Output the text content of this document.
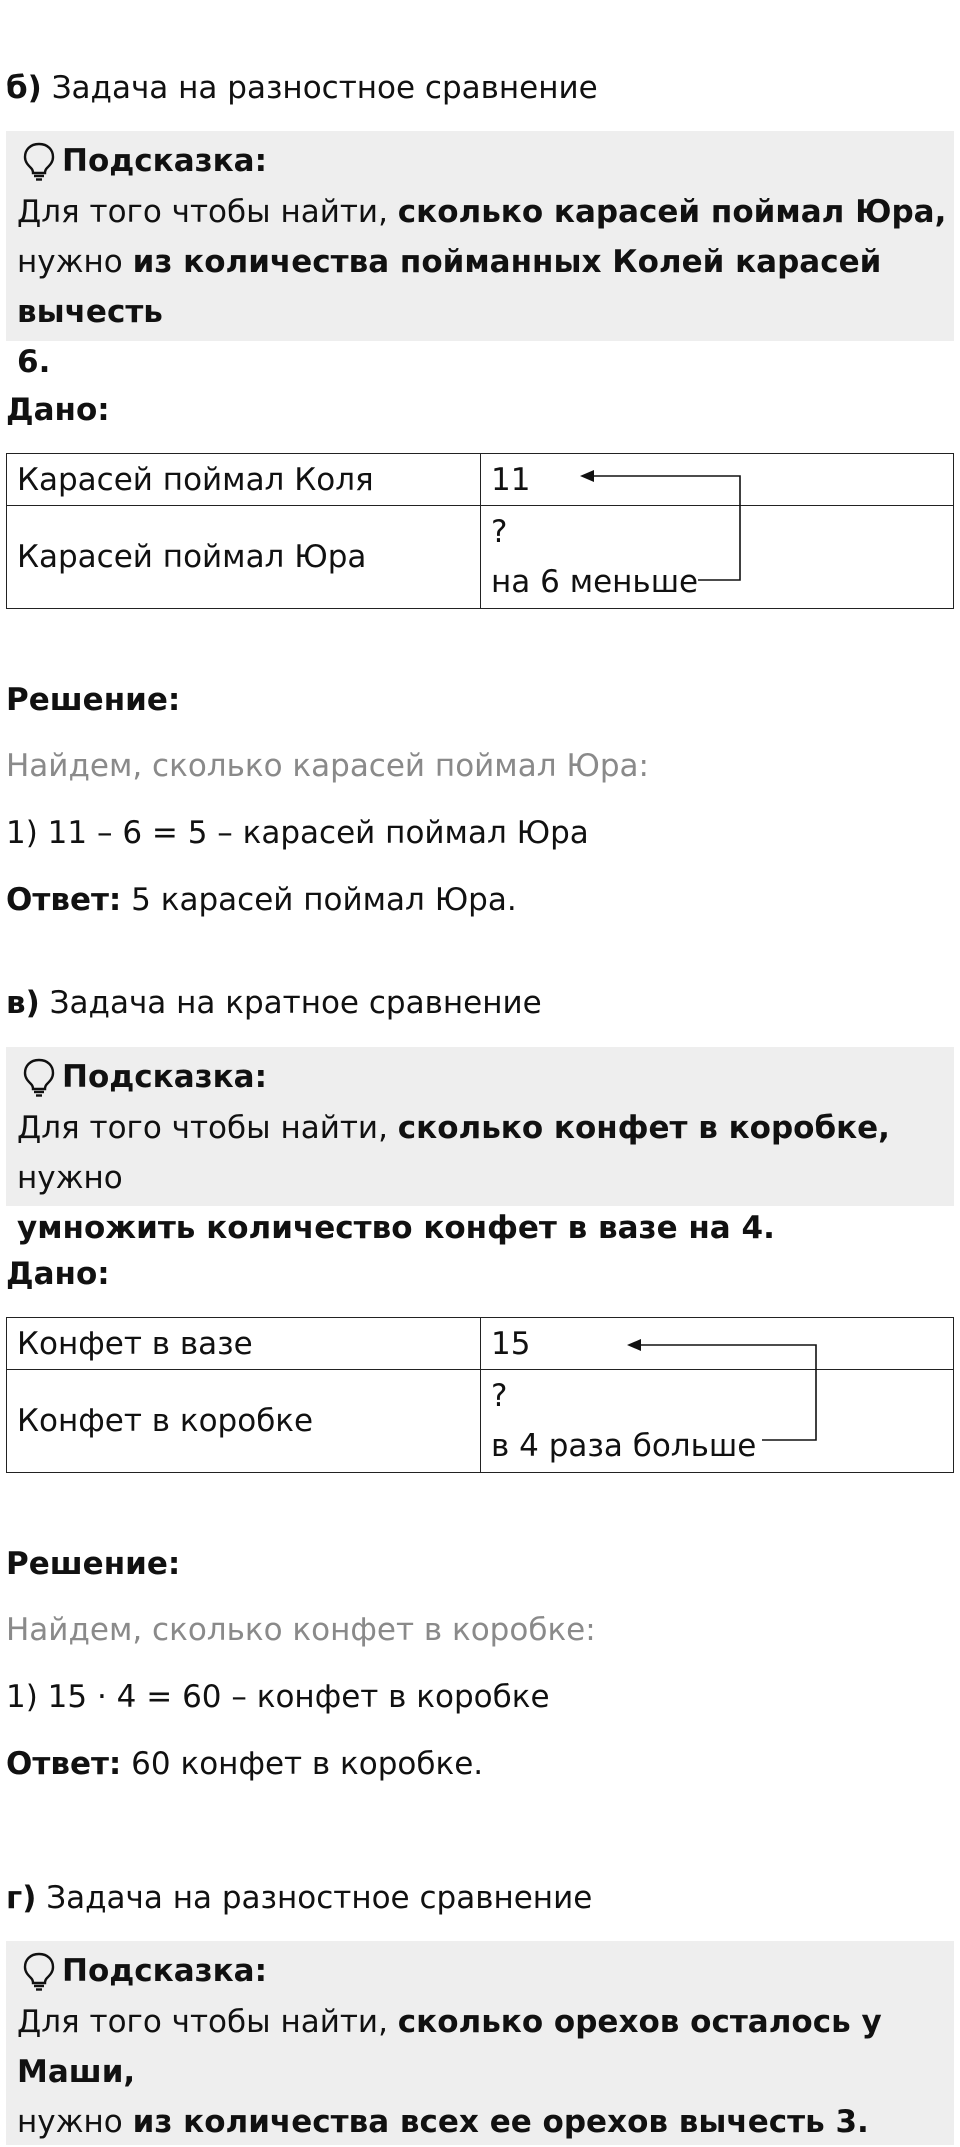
б) Задача на разностное сравнение
Подсказка:
Для того чтобы найти, сколько карасей поймал Юра,
нужно из количества пойманных Колей карасей вычесть
6.
Дано:
Карасей поймал Коля	11
Карасей поймал Юра	?
на 6 меньше
Решение:
Найдем, сколько карасей поймал Юра:
1) 11 – 6 = 5 – карасей поймал Юра
Ответ: 5 карасей поймал Юра.
в) Задача на кратное сравнение
Подсказка:
Для того чтобы найти, сколько конфет в коробке, нужно
умножить количество конфет в вазе на 4.
Дано:
Конфет в вазе	15
Конфет в коробке	?
в 4 раза больше
Решение:
Найдем, сколько конфет в коробке:
1) 15 · 4 = 60 – конфет в коробке
Ответ: 60 конфет в коробке.
г) Задача на разностное сравнение
Подсказка:
Для того чтобы найти, сколько орехов осталось у Маши,
нужно из количества всех ее орехов вычесть 3.
